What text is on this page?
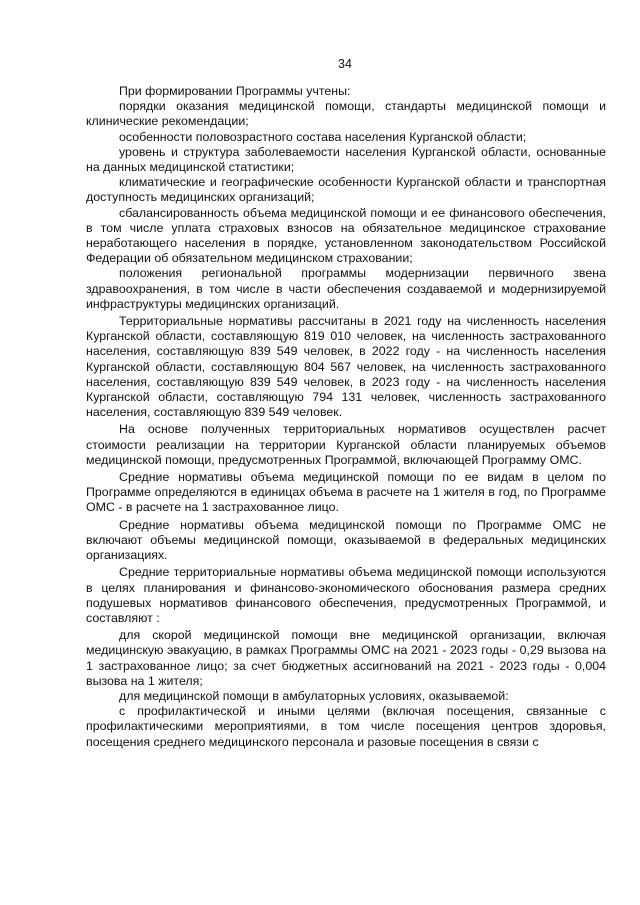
34

При формировании Программы учтены:

порядки оказания медицинской помощи, стандарты медицинской помощи и клинические рекомендации;

особенности половозрастного состава населения Курганской области;

уровень и структура заболеваемости населения Курганской области, основанные на данных медицинской статистики;

климатические и географические особенности Курганской области и транспортная доступность медицинских организаций;

сбалансированность объема медицинской помощи и ее финансового обеспечения, в том числе уплата страховых взносов на обязательное медицинское страхование неработающего населения в порядке, установленном законодательством Российской Федерации об обязательном медицинском страховании;

положения региональной программы модернизации первичного звена здравоохранения, в том числе в части обеспечения создаваемой и модернизируемой инфраструктуры медицинских организаций.

Территориальные нормативы рассчитаны в 2021 году на численность населения Курганской области, составляющую 819 010 человек, на численность застрахованного населения, составляющую 839 549 человек, в 2022 году - на численность населения Курганской области, составляющую 804 567 человек, на численность застрахованного населения, составляющую 839 549 человек, в 2023 году - на численность населения Курганской области, составляющую 794 131 человек, численность застрахованного населения, составляющую 839 549 человек.

На основе полученных территориальных нормативов осуществлен расчет стоимости реализации на территории Курганской области планируемых объемов медицинской помощи, предусмотренных Программой, включающей Программу ОМС.

Средние нормативы объема медицинской помощи по ее видам в целом по Программе определяются в единицах объема в расчете на 1 жителя в год, по Программе ОМС - в расчете на 1 застрахованное лицо.

Средние нормативы объема медицинской помощи по Программе ОМС не включают объемы медицинской помощи, оказываемой в федеральных медицинских организациях.

Средние территориальные нормативы объема медицинской помощи используются в целях планирования и финансово-экономического обоснования размера средних подушевых нормативов финансового обеспечения, предусмотренных Программой, и составляют :

для скорой медицинской помощи вне медицинской организации, включая медицинскую эвакуацию, в рамках Программы ОМС на 2021 - 2023 годы - 0,29 вызова на 1 застрахованное лицо; за счет бюджетных ассигнований на 2021 - 2023 годы - 0,004 вызова на 1 жителя;

для медицинской помощи в амбулаторных условиях, оказываемой:

с профилактической и иными целями (включая посещения, связанные с профилактическими мероприятиями, в том числе посещения центров здоровья, посещения среднего медицинского персонала и разовые посещения в связи с
